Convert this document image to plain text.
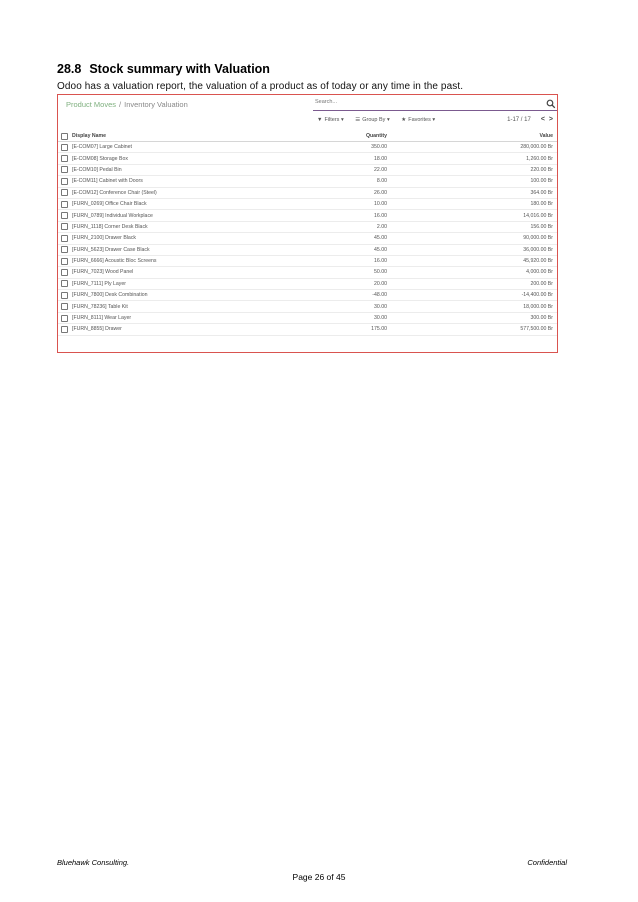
28.8 Stock summary with Valuation
Odoo has a valuation report, the valuation of a product as of today or any time in the past.
Product Moves / Inventory Valuation
Search...
▼ Filters ▾ ☰ Group By ▾ ★ Favorites ▾	1-17 / 17 < >
	Display Name	Quantity	Value
	[E-COM07] Large Cabinet	350.00	280,000.00 Br
	[E-COM08] Storage Box	18.00	1,260.00 Br
	[E-COM10] Pedal Bin	22.00	220.00 Br
	[E-COM11] Cabinet with Doors	8.00	100.00 Br
	[E-COM12] Conference Chair (Steel)	26.00	364.00 Br
	[FURN_0269] Office Chair Black	10.00	180.00 Br
	[FURN_0789] Individual Workplace	16.00	14,016.00 Br
	[FURN_1118] Corner Desk Black	2.00	156.00 Br
	[FURN_2100] Drawer Black	45.00	90,000.00 Br
	[FURN_5623] Drawer Case Black	45.00	36,000.00 Br
	[FURN_6666] Acoustic Bloc Screens	16.00	45,920.00 Br
	[FURN_7023] Wood Panel	50.00	4,000.00 Br
	[FURN_7111] Ply Layer	20.00	200.00 Br
	[FURN_7800] Desk Combination	-48.00	-14,400.00 Br
	[FURN_78236] Table Kit	30.00	18,000.00 Br
	[FURN_8111] Wear Layer	30.00	300.00 Br
	[FURN_8855] Drawer	175.00	577,500.00 Br
Bluehawk Consulting.	Confidential
Page 26 of 45
